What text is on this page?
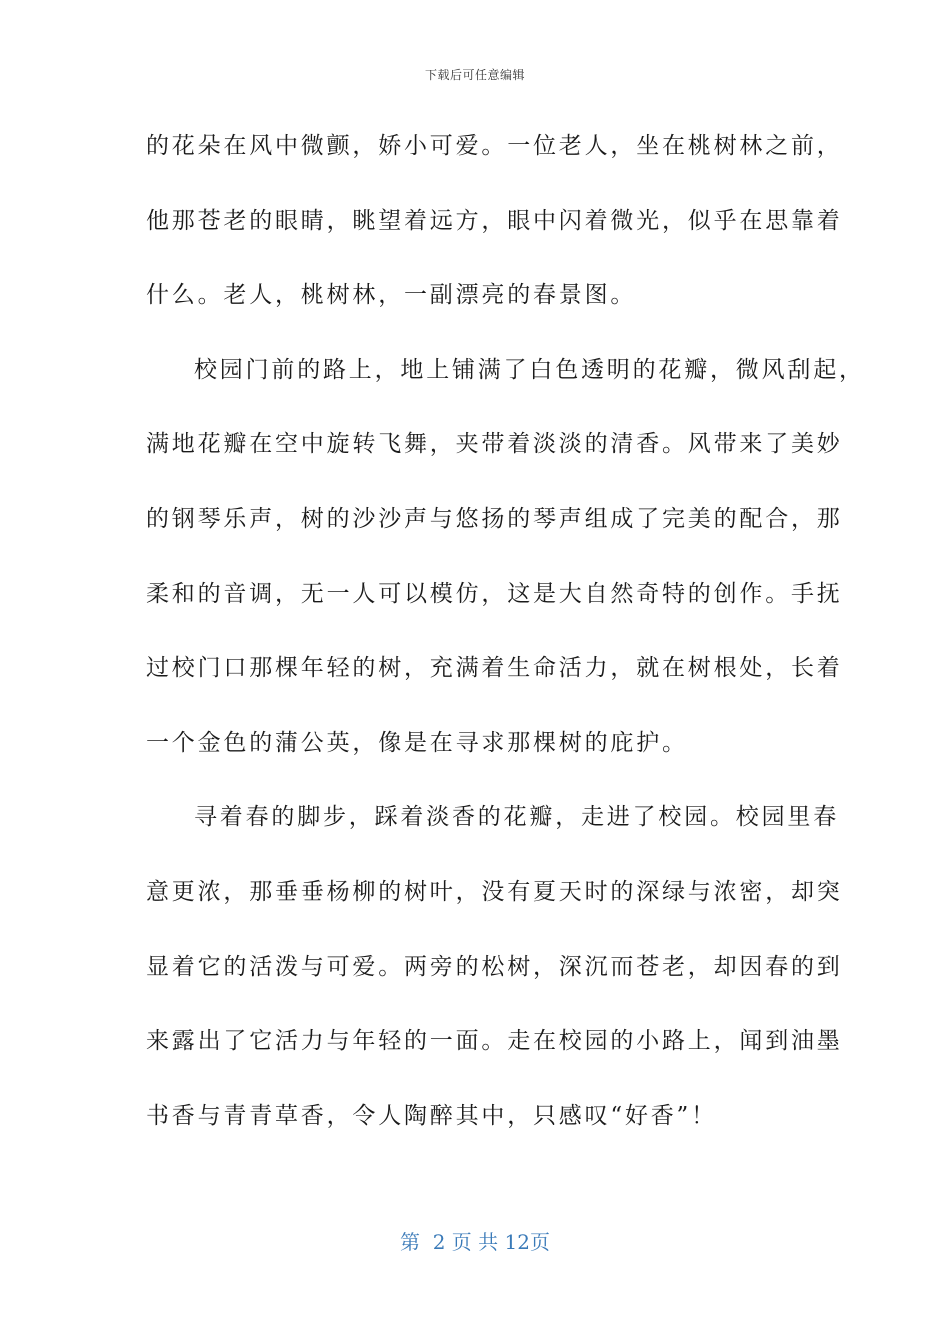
下载后可任意编辑
的花朵在风中微颤，娇小可爱。一位老人，坐在桃树林之前，
他那苍老的眼睛，眺望着远方，眼中闪着微光，似乎在思靠着
什么。老人，桃树林，一副漂亮的春景图。
校园门前的路上，地上铺满了白色透明的花瓣，微风刮起，
满地花瓣在空中旋转飞舞，夹带着淡淡的清香。风带来了美妙
的钢琴乐声，树的沙沙声与悠扬的琴声组成了完美的配合，那
柔和的音调，无一人可以模仿，这是大自然奇特的创作。手抚
过校门口那棵年轻的树，充满着生命活力，就在树根处，长着
一个金色的蒲公英，像是在寻求那棵树的庇护。
寻着春的脚步，踩着淡香的花瓣，走进了校园。校园里春
意更浓，那垂垂杨柳的树叶，没有夏天时的深绿与浓密，却突
显着它的活泼与可爱。两旁的松树，深沉而苍老，却因春的到
来露出了它活力与年轻的一面。走在校园的小路上，闻到油墨
书香与青青草香，令人陶醉其中，只感叹“好香”！
第  2 页 共 12页
